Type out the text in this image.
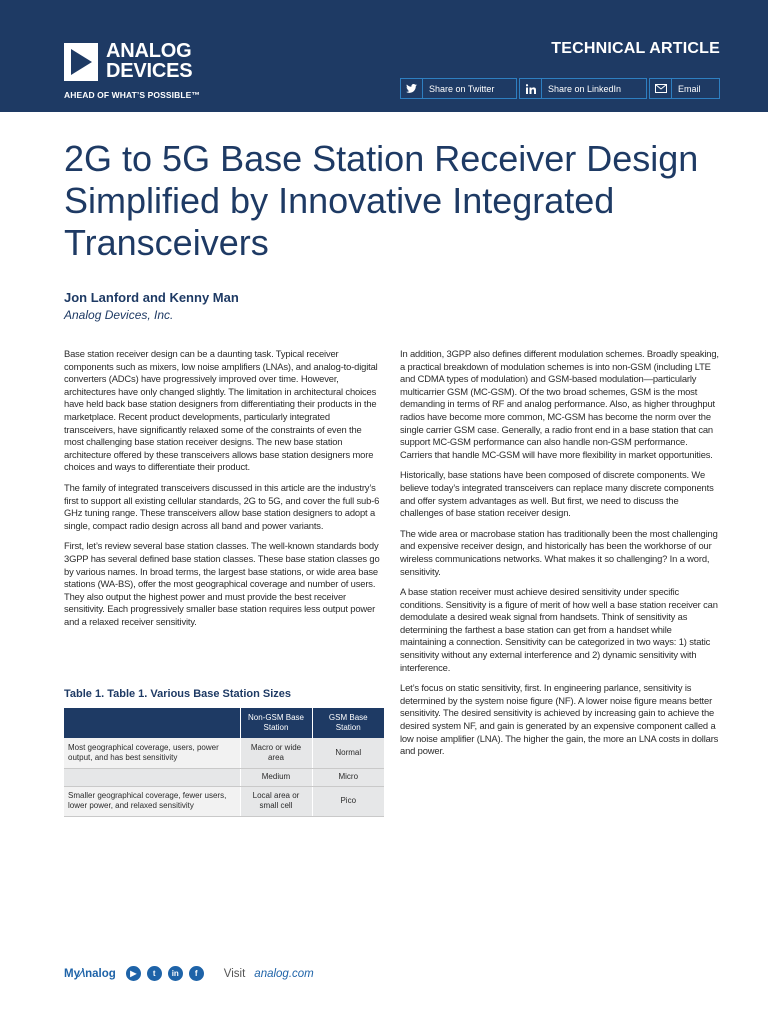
ANALOG
DEVICES
AHEAD OF WHAT’S POSSIBLE™
TECHNICAL ARTICLE
Share on Twitter	Share on LinkedIn	Email
2G to 5G Base Station Receiver Design Simplified by Innovative Integrated Transceivers
Jon Lanford and Kenny Man
Analog Devices, Inc.

Base station receiver design can be a daunting task. Typical receiver components such as mixers, low noise amplifiers (LNAs), and analog-to-digital converters (ADCs) have progressively improved over time. However, architectures have only changed slightly. The limitation in architectural choices have held back base station designers from differentiating their products in the marketplace. Recent product developments, particularly integrated transceivers, have significantly relaxed some of the constraints of even the most challenging base station receiver designs. The new base station architecture offered by these transceivers allows base station designers more choices and ways to differentiate their product.

The family of integrated transceivers discussed in this article are the industry’s first to support all existing cellular standards, 2G to 5G, and cover the full sub-6 GHz tuning range. These transceivers allow base station designers to adopt a single, compact radio design across all band and power variants.

First, let’s review several base station classes. The well-known standards body 3GPP has several defined base station classes. These base station classes go by various names. In broad terms, the largest base stations, or wide area base stations (WA-BS), offer the most geographical coverage and number of users. They also output the highest power and must provide the best receiver sensitivity. Each progressively smaller base station requires less output power and a relaxed receiver sensitivity.

Table 1. Table 1. Various Base Station Sizes
	Non-GSM Base Station	GSM Base Station
Most geographical coverage, users, power output, and has best sensitivity	Macro or wide area	Normal
	Medium	Micro
Smaller geographical coverage, fewer users, lower power, and relaxed sensitivity	Local area or small cell	Pico

In addition, 3GPP also defines different modulation schemes. Broadly speaking, a practical breakdown of modulation schemes is into non-GSM (including LTE and CDMA types of modulation) and GSM-based modulation—particularly multicarrier GSM (MC-GSM). Of the two broad schemes, GSM is the most demanding in terms of RF and analog performance. Also, as higher throughput radios have become more common, MC-GSM has become the norm over the single carrier GSM case. Generally, a radio front end in a base station that can support MC-GSM performance can also handle non-GSM performance. Carriers that handle MC-GSM will have more flexibility in market opportunities.

Historically, base stations have been composed of discrete components. We believe today’s integrated transceivers can replace many discrete components and offer system advantages as well. But first, we need to discuss the challenges of base station receiver design.

The wide area or macrobase station has traditionally been the most challenging and expensive receiver design, and historically has been the workhorse of our wireless communications networks. What makes it so challenging? In a word, sensitivity.

A base station receiver must achieve desired sensitivity under specific conditions. Sensitivity is a figure of merit of how well a base station receiver can demodulate a desired weak signal from handsets. Think of sensitivity as determining the farthest a base station can get from a handset while maintaining a connection. Sensitivity can be categorized in two ways: 1) static sensitivity without any external interference and 2) dynamic sensitivity with interference.

Let’s focus on static sensitivity, first. In engineering parlance, sensitivity is determined by the system noise figure (NF). A lower noise figure means better sensitivity. The desired sensitivity is achieved by increasing gain to achieve the desired system NF, and gain is generated by an expensive component called a low noise amplifier (LNA). The higher the gain, the more an LNA costs in dollars and power.

My∕\nalog	▶	t	in	f	Visit analog.com
